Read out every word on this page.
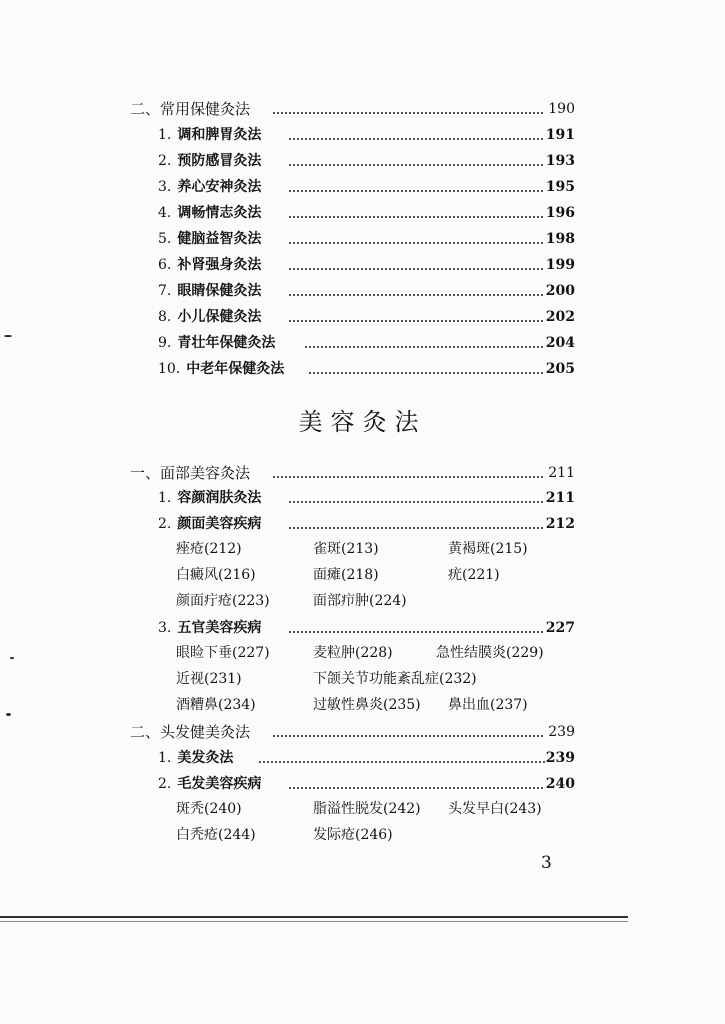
二、常用保健灸法	190
1. 调和脾胃灸法	191
2. 预防感冒灸法	193
3. 养心安神灸法	195
4. 调畅情志灸法	196
5. 健脑益智灸法	198
6. 补肾强身灸法	199
7. 眼睛保健灸法	200
8. 小儿保健灸法	202
9. 青壮年保健灸法	204
10. 中老年保健灸法	205
美容灸法
一、面部美容灸法	211
1. 容颜润肤灸法	211
2. 颜面美容疾病	212
痤疮(212)	雀斑(213)	黄褐斑(215)
白癜风(216)	面瘫(218)	疣(221)
颜面疔疮(223)	面部疖肿(224)
3. 五官美容疾病	227
眼睑下垂(227)	麦粒肿(228)	急性结膜炎(229)
近视(231)	下颌关节功能紊乱症(232)
酒糟鼻(234)	过敏性鼻炎(235) 鼻出血(237)
二、头发健美灸法	239
1. 美发灸法	239
2. 毛发美容疾病	240
斑秃(240)	脂溢性脱发(242) 头发早白(243)
白秃疮(244)	发际疮(246)
3
